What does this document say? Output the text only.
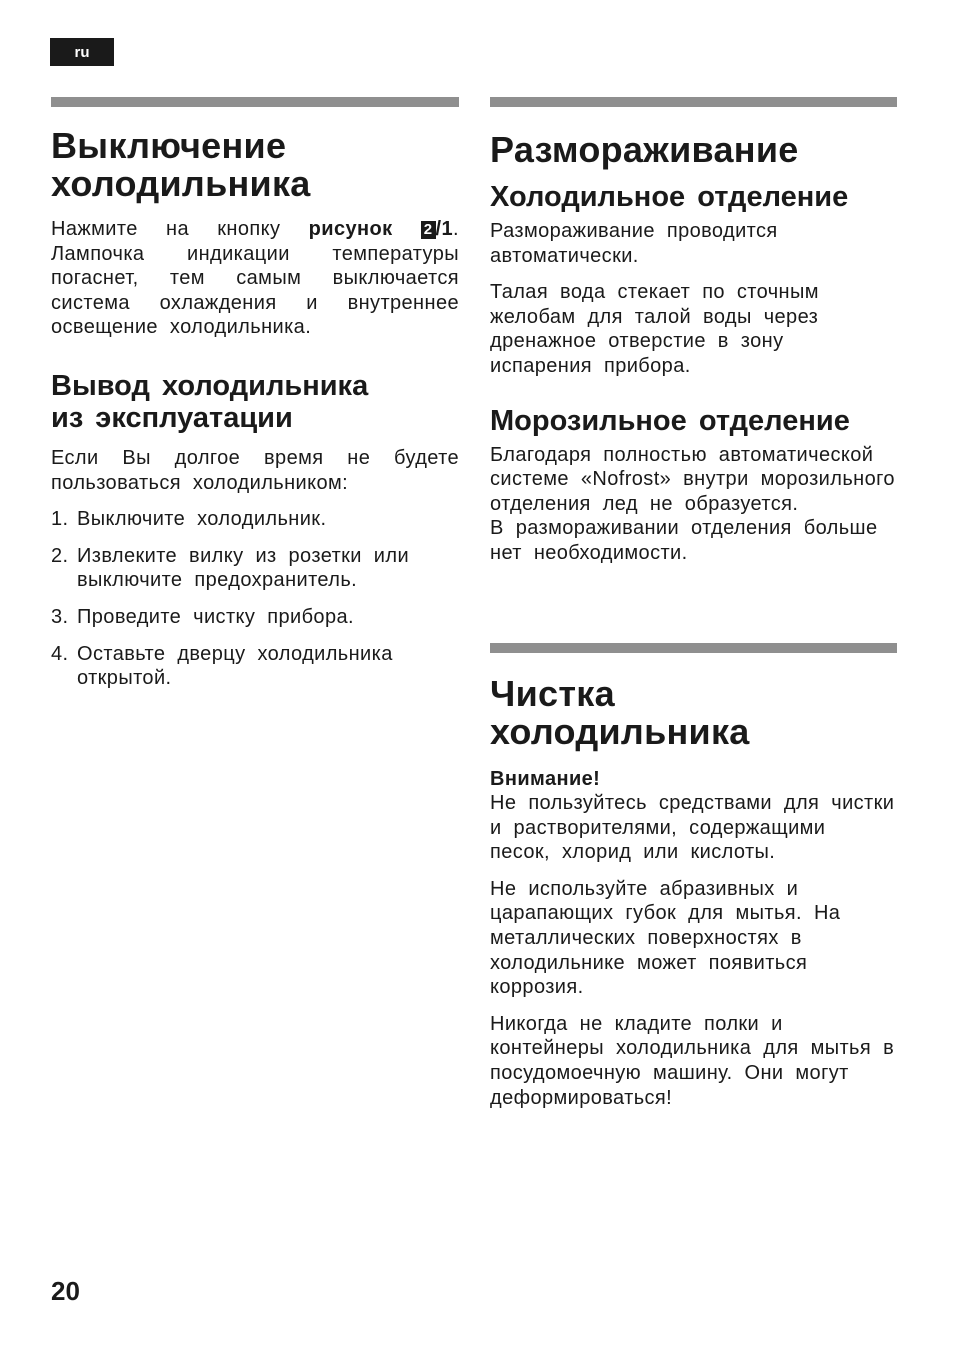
ru
Выключение
холодильника

Нажмите на кнопку рисунок 2 /1. Лампочка индикации температуры погаснет, тем самым выключается система охлаждения и внутреннее освещение холодильника.

Вывод холодильника
из эксплуатации

Если Вы долгое время не будете пользоваться холодильником:

1. Выключите холодильник.
2. Извлеките вилку из розетки или выключите предохранитель.
3. Проведите чистку прибора.
4. Оставьте дверцу холодильника открытой.
Размораживание
Холодильное отделение

Размораживание проводится автоматически.

Талая вода стекает по сточным желобам для талой воды через дренажное отверстие в зону испарения прибора.

Морозильное отделение

Благодаря полностью автоматической системе «Nofrost» внутри морозильного отделения лед не образуется.

В размораживании отделения больше нет необходимости.

Чистка
холодильника

Внимание!

Не пользуйтесь средствами для чистки и растворителями, содержащими песок, хлорид или кислоты.

Не используйте абразивных и царапающих губок для мытья. На металлических поверхностях в холодильнике может появиться коррозия.

Никогда не кладите полки и контейнеры холодильника для мытья в посудомоечную машину. Они могут деформироваться!

20
